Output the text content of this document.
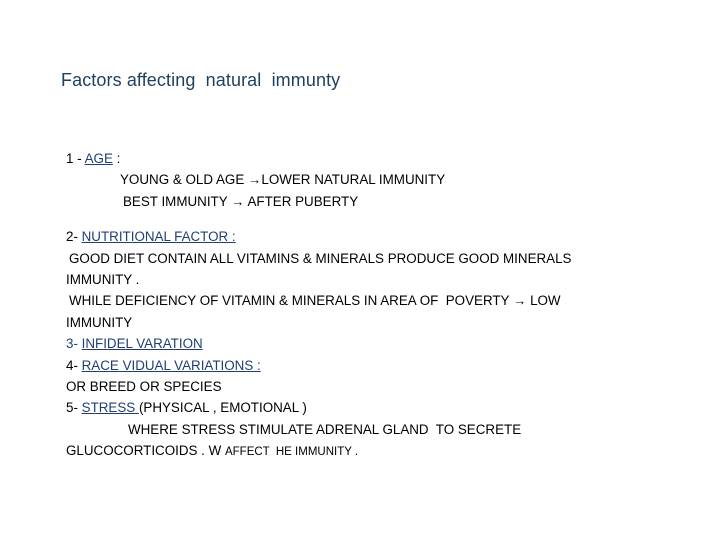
Factors affecting  natural  immunty
1 - AGE :
YOUNG & OLD AGE →LOWER NATURAL IMMUNITY
BEST IMMUNITY → AFTER PUBERTY
2- NUTRITIONAL FACTOR :
GOOD DIET CONTAIN ALL VITAMINS & MINERALS PRODUCE GOOD MINERALS
IMMUNITY .
WHILE DEFICIENCY OF VITAMIN & MINERALS IN AREA OF  POVERTY → LOW
IMMUNITY
3- INFIDEL VARATION
4- RACE VIDUAL VARIATIONS :
OR BREED OR SPECIES
5- STRESS (PHYSICAL , EMOTIONAL )
WHERE STRESS STIMULATE ADRENAL GLAND  TO SECRETE
GLUCOCORTICOIDS . W AFFECT  HE IMMUNITY .
